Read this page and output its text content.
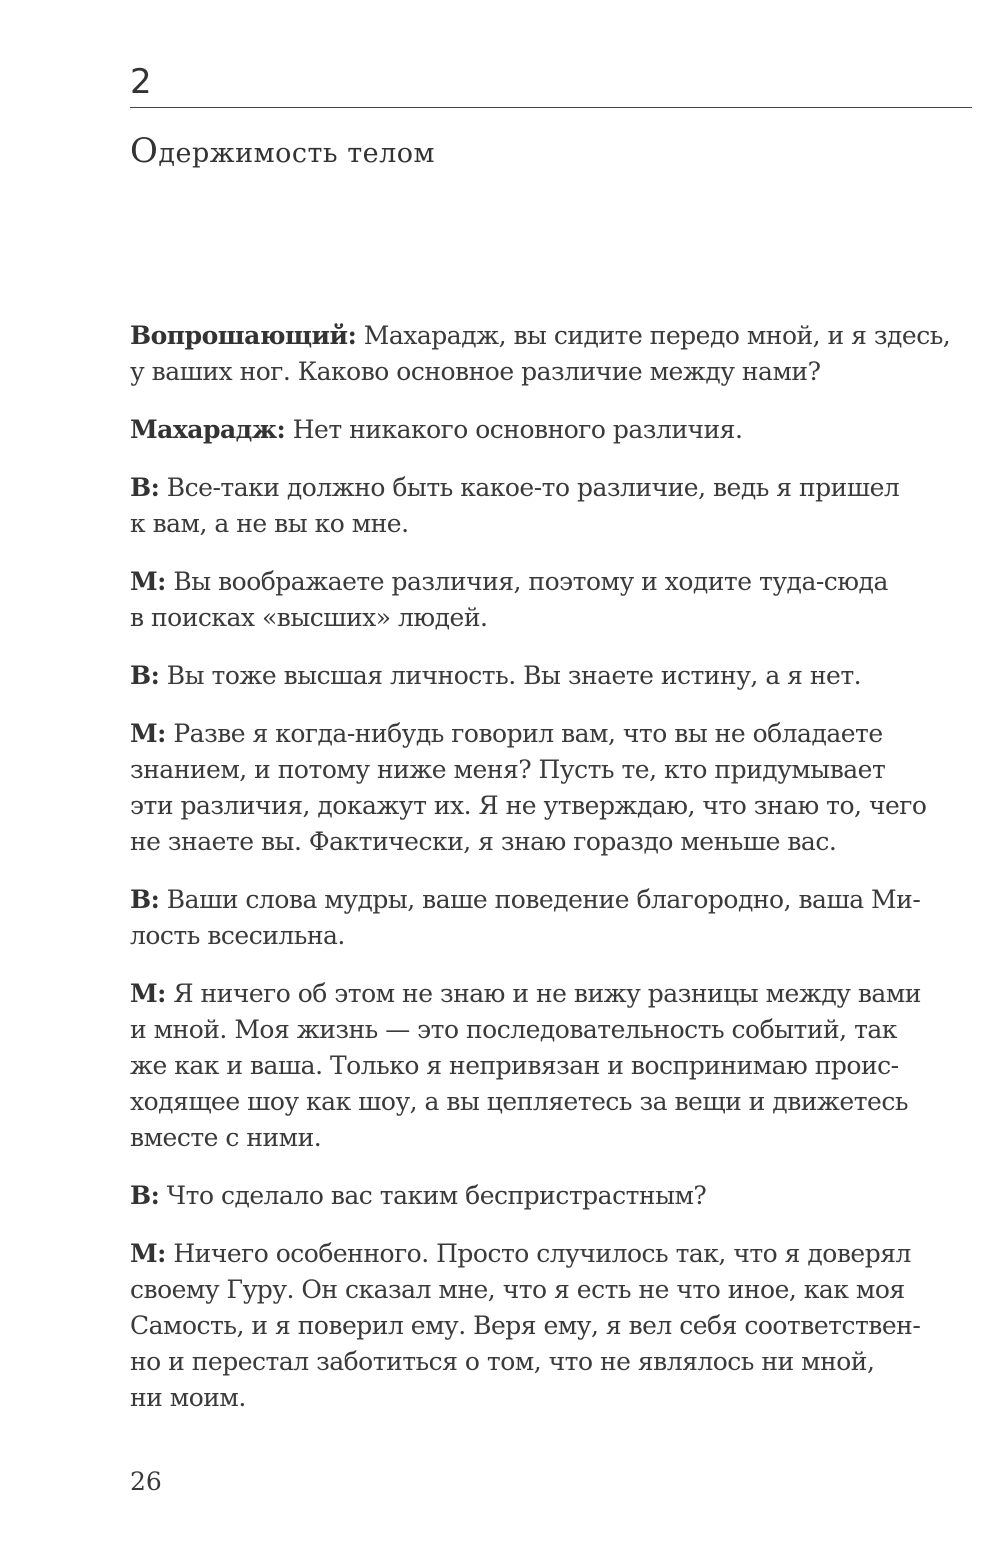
2
Одержимость телом

Вопрошающий: Махарадж, вы сидите передо мной, и я здесь,
у ваших ног. Каково основное различие между нами?

Махарадж: Нет никакого основного различия.

В: Все-таки должно быть какое-то различие, ведь я пришел
к вам, а не вы ко мне.

М: Вы воображаете различия, поэтому и ходите туда-сюда
в поисках «высших» людей.

В: Вы тоже высшая личность. Вы знаете истину, а я нет.

М: Разве я когда-нибудь говорил вам, что вы не обладаете
знанием, и потому ниже меня? Пусть те, кто придумывает
эти различия, докажут их. Я не утверждаю, что знаю то, чего
не знаете вы. Фактически, я знаю гораздо меньше вас.

В: Ваши слова мудры, ваше поведение благородно, ваша Ми-
лость всесильна.

М: Я ничего об этом не знаю и не вижу разницы между вами
и мной. Моя жизнь — это последовательность событий, так
же как и ваша. Только я непривязан и воспринимаю проис-
ходящее шоу как шоу, а вы цепляетесь за вещи и движетесь
вместе с ними.

В: Что сделало вас таким беспристрастным?

М: Ничего особенного. Просто случилось так, что я доверял
своему Гуру. Он сказал мне, что я есть не что иное, как моя
Самость, и я поверил ему. Веря ему, я вел себя соответствен-
но и перестал заботиться о том, что не являлось ни мной,
ни моим.

26
